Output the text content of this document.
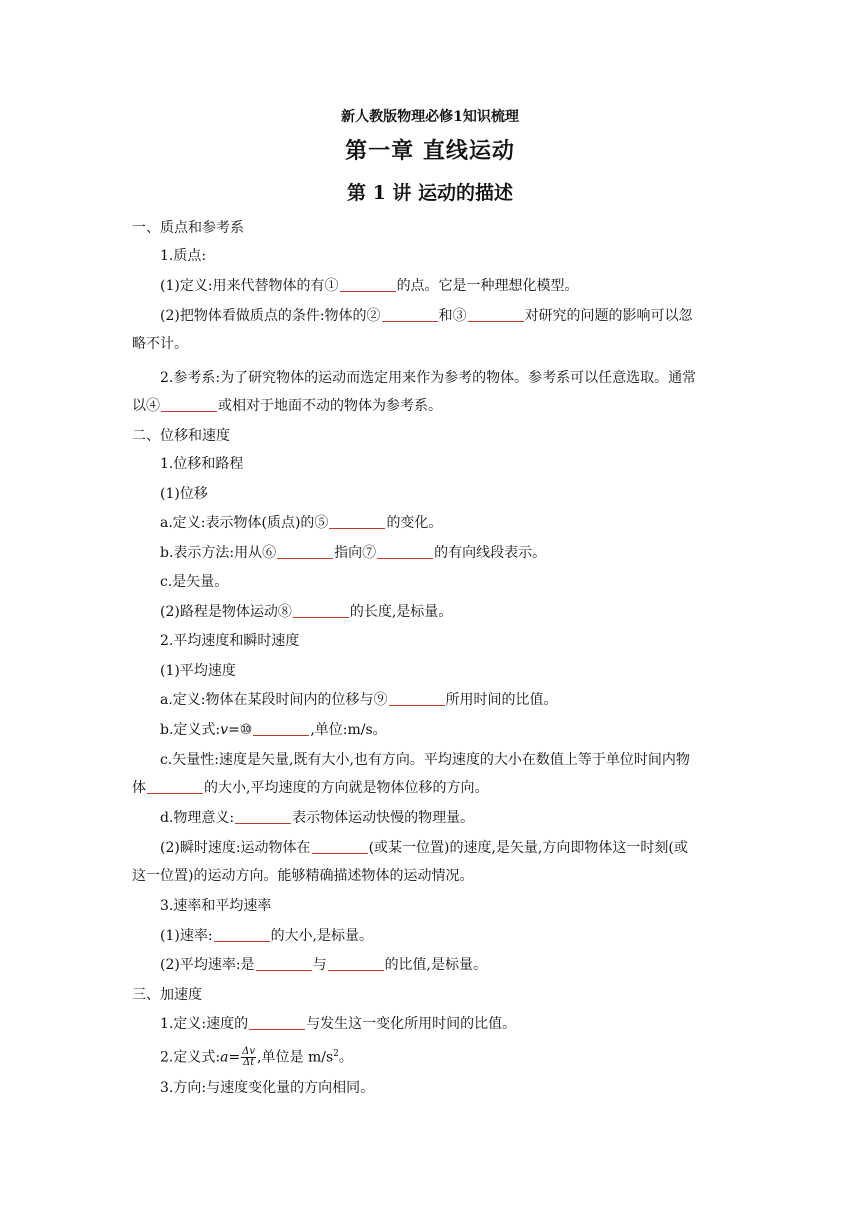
新人教版物理必修1知识梳理
第一章 直线运动
第 1 讲 运动的描述
一、质点和参考系
1.质点:
(1)定义:用来代替物体的有①	的点。它是一种理想化模型。
(2)把物体看做质点的条件:物体的②	和③	对研究的问题的影响可以忽
略不计。
2.参考系:为了研究物体的运动而选定用来作为参考的物体。参考系可以任意选取。通常
以④	或相对于地面不动的物体为参考系。
二、位移和速度
1.位移和路程
(1)位移
a.定义:表示物体(质点)的⑤	的变化。
b.表示方法:用从⑥	指向⑦	的有向线段表示。
c.是矢量。
(2)路程是物体运动⑧	的长度,是标量。
2.平均速度和瞬时速度
(1)平均速度
a.定义:物体在某段时间内的位移与⑨	所用时间的比值。
b.定义式:v=⑩	,单位:m/s。
c.矢量性:速度是矢量,既有大小,也有方向。平均速度的大小在数值上等于单位时间内物
体	的大小,平均速度的方向就是物体位移的方向。
d.物理意义:	表示物体运动快慢的物理量。
(2)瞬时速度:运动物体在	(或某一位置)的速度,是矢量,方向即物体这一时刻(或
这一位置)的运动方向。能够精确描述物体的运动情况。
3.速率和平均速率
(1)速率:	的大小,是标量。
(2)平均速率:是	与	的比值,是标量。
三、加速度
1.定义:速度的	与发生这一变化所用时间的比值。
2.定义式:a= $\frac{\Delta v}{\Delta t}$ ,单位是 $m/s^2$。
3.方向:与速度变化量的方向相同。
